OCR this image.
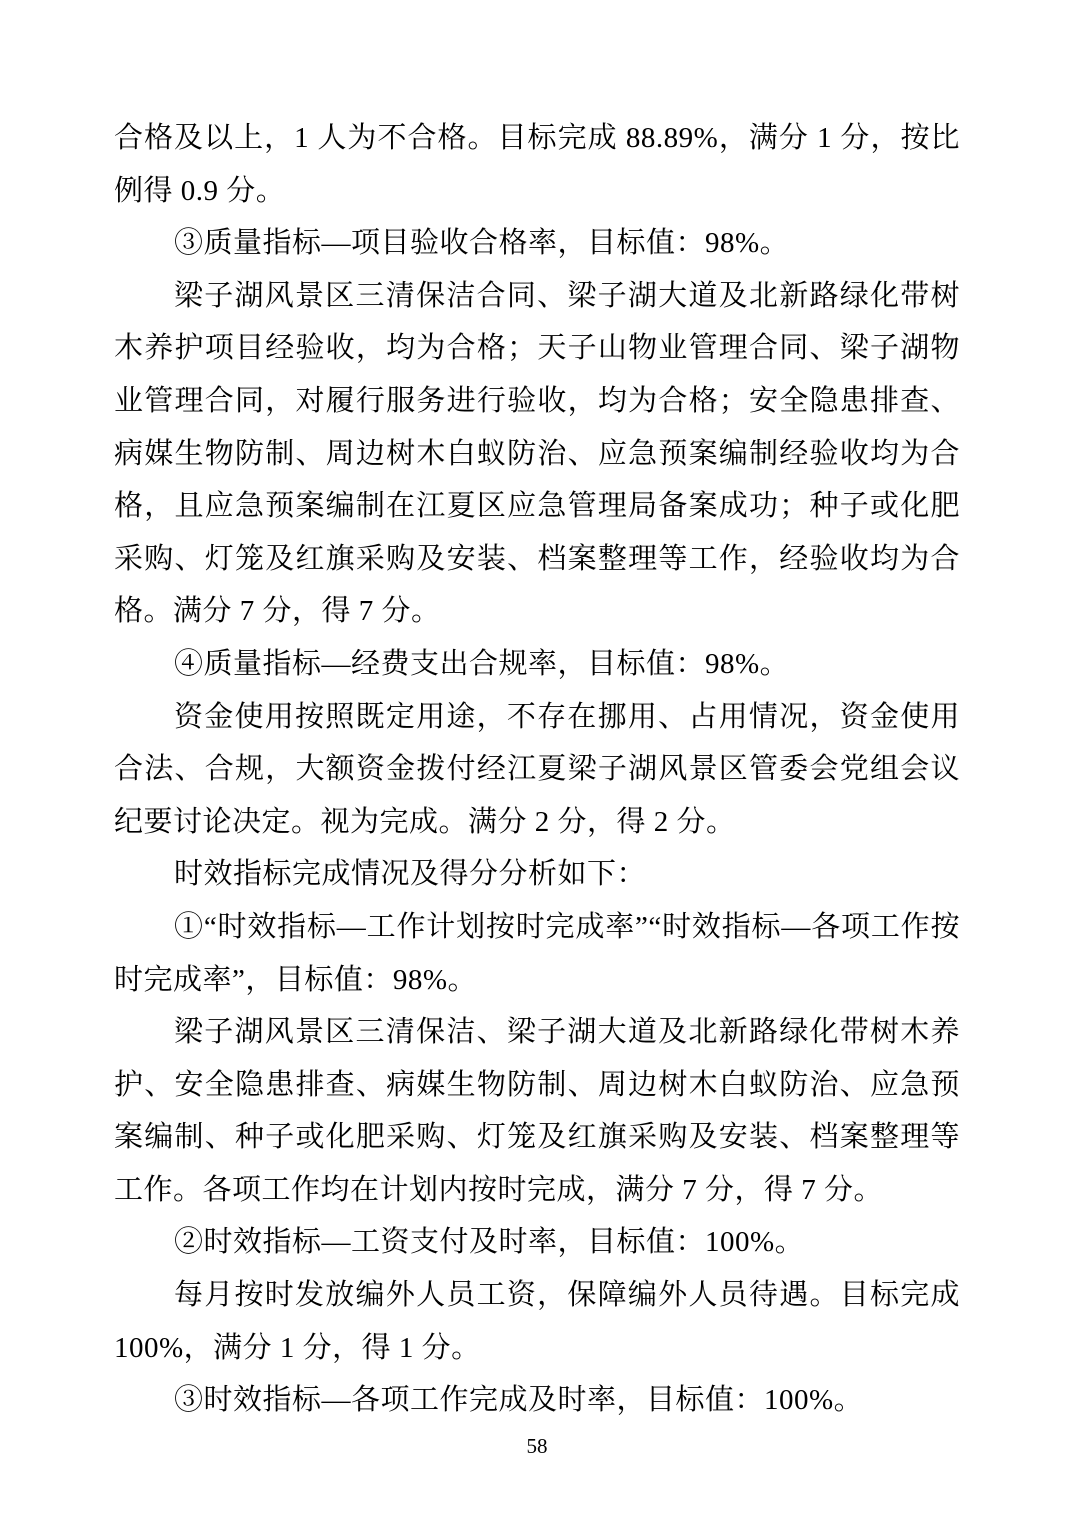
合格及以上，1 人为不合格。目标完成 88.89%，满分 1 分，按比例得 0.9 分。

③质量指标—项目验收合格率，目标值：98%。

梁子湖风景区三清保洁合同、梁子湖大道及北新路绿化带树木养护项目经验收，均为合格；天子山物业管理合同、梁子湖物业管理合同，对履行服务进行验收，均为合格；安全隐患排查、病媒生物防制、周边树木白蚁防治、应急预案编制经验收均为合格，且应急预案编制在江夏区应急管理局备案成功；种子或化肥采购、灯笼及红旗采购及安装、档案整理等工作，经验收均为合格。满分 7 分，得 7 分。

④质量指标—经费支出合规率，目标值：98%。

资金使用按照既定用途，不存在挪用、占用情况，资金使用合法、合规，大额资金拨付经江夏梁子湖风景区管委会党组会议纪要讨论决定。视为完成。满分 2 分，得 2 分。

时效指标完成情况及得分分析如下：

①“时效指标—工作计划按时完成率”“时效指标—各项工作按时完成率”，目标值：98%。

梁子湖风景区三清保洁、梁子湖大道及北新路绿化带树木养护、安全隐患排查、病媒生物防制、周边树木白蚁防治、应急预案编制、种子或化肥采购、灯笼及红旗采购及安装、档案整理等工作。各项工作均在计划内按时完成，满分 7 分，得 7 分。

②时效指标—工资支付及时率，目标值：100%。

每月按时发放编外人员工资，保障编外人员待遇。目标完成 100%，满分 1 分，得 1 分。

③时效指标—各项工作完成及时率，目标值：100%。

58
